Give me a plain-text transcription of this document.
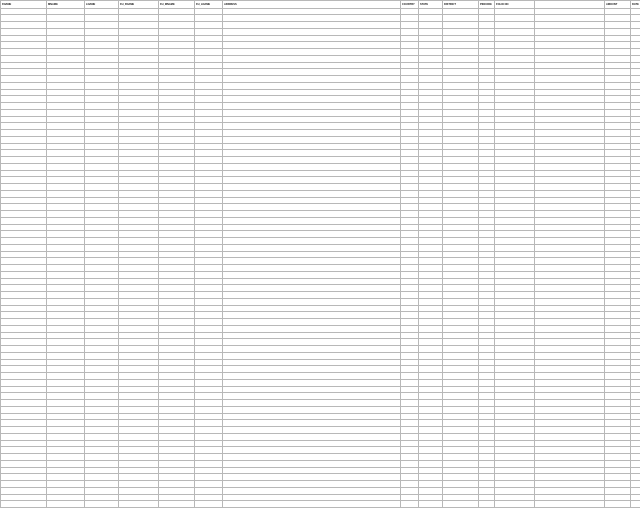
FNAME	MNAME	LNAME	FH_FNAME	FH_MNAME	FH_LNAME	ADDRESS	COUNTRY	STATE	DISTRICT	PINCODE	FOLIO NO		AMOUNT	DATE
